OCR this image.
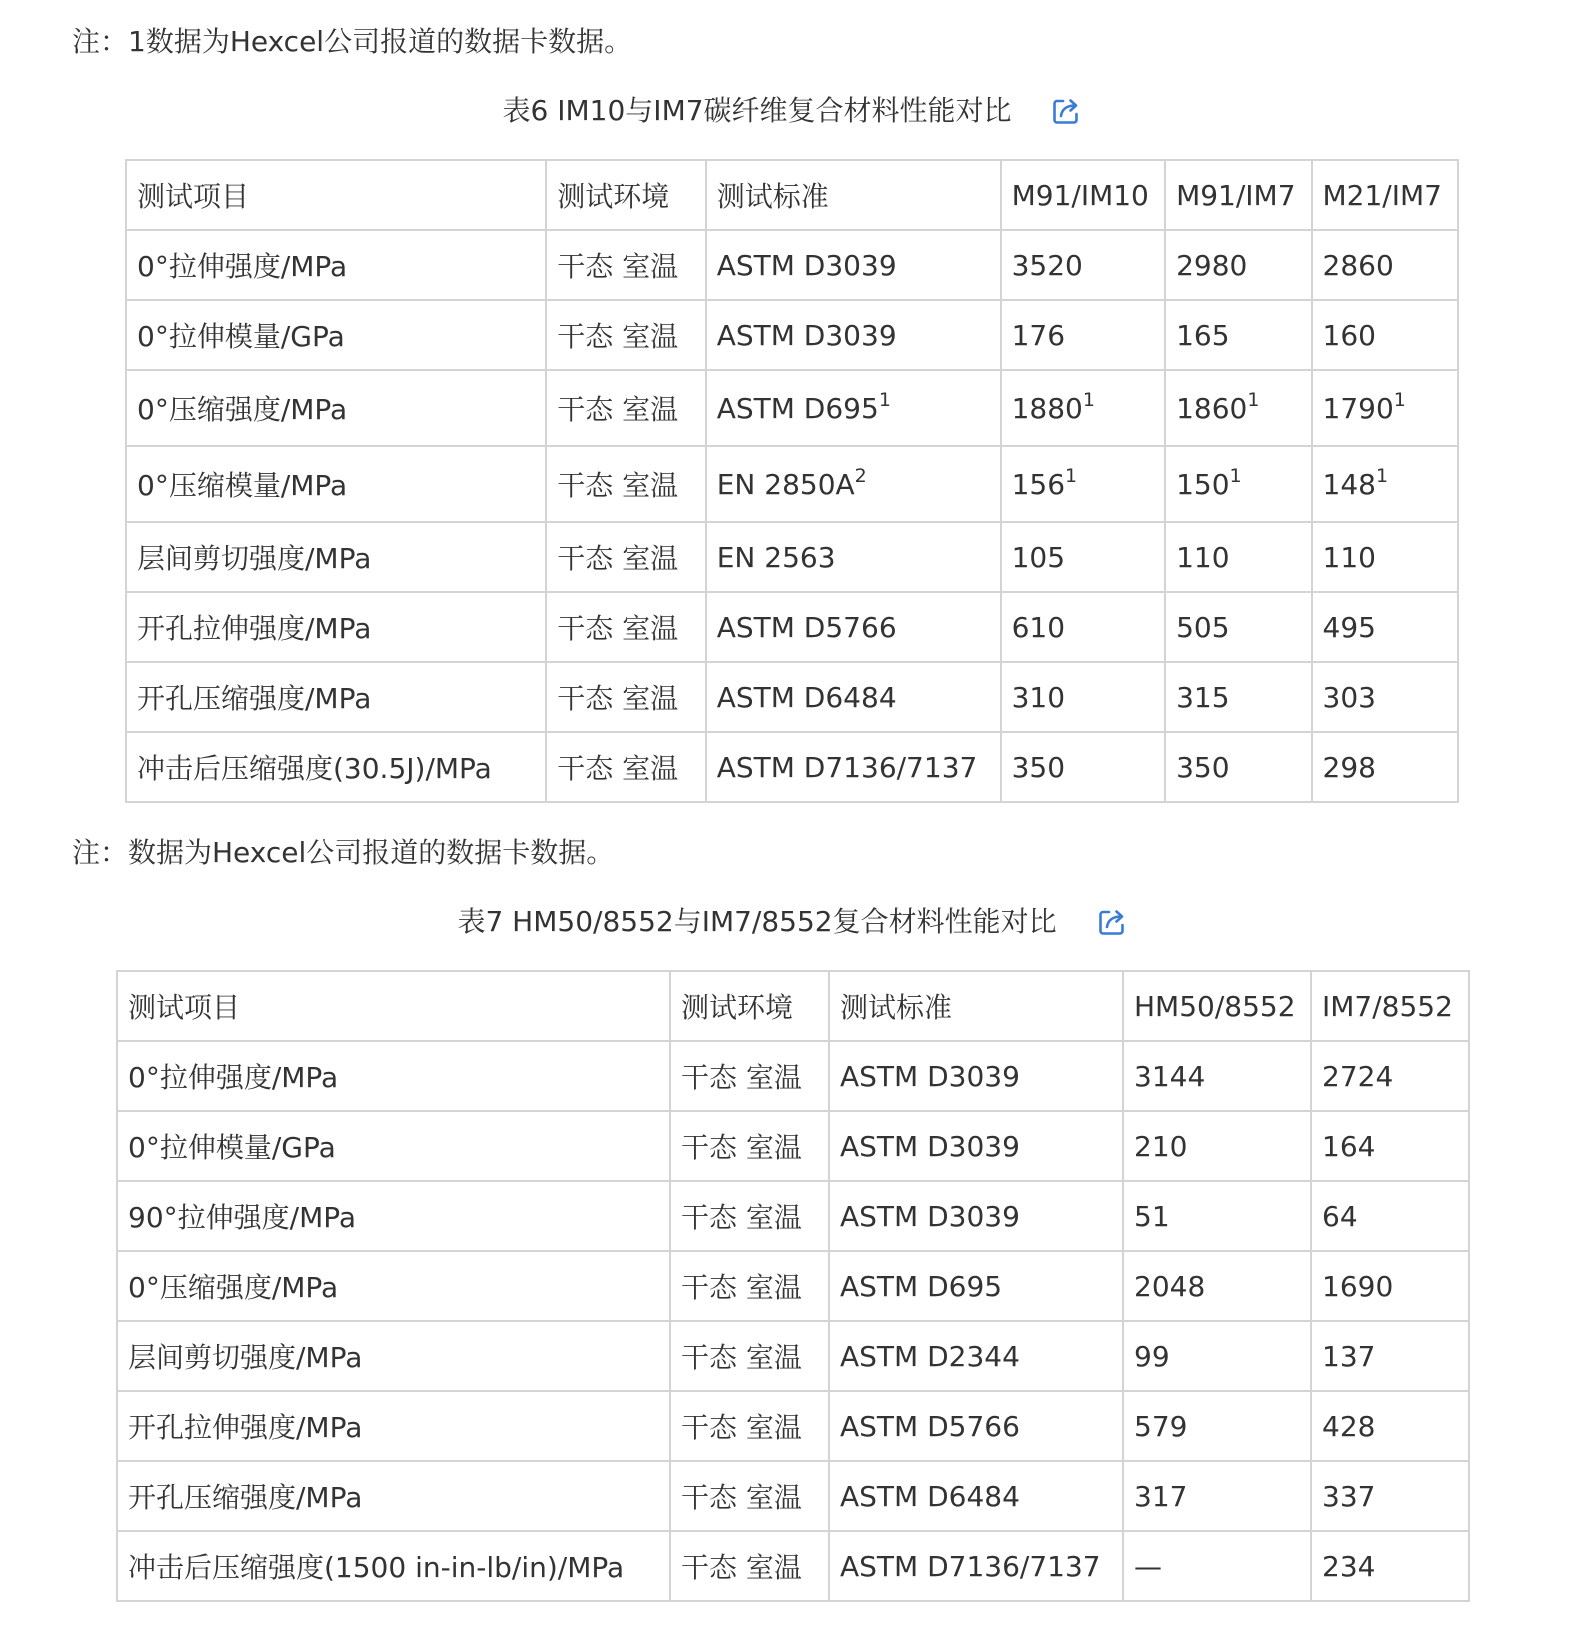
注：1数据为Hexcel公司报道的数据卡数据。
表6 IM10与IM7碳纤维复合材料性能对比
测试项目	测试环境	测试标准	M91/IM10	M91/IM7	M21/IM7
0°拉伸强度/MPa	干态 室温	ASTM D3039	3520	2980	2860
0°拉伸模量/GPa	干态 室温	ASTM D3039	176	165	160
0°压缩强度/MPa	干态 室温	ASTM $D695^1$	1880$^1$	1860$^1$	1790$^1$
0°压缩模量/MPa	干态 室温	EN $2850A^2$	$156^1$	$150^1$	$148^1$
层间剪切强度/MPa	干态 室温	EN 2563	105	110	110
开孔拉伸强度/MPa	干态 室温	ASTM D5766	610	505	495
开孔压缩强度/MPa	干态 室温	ASTM D6484	310	315	303
冲击后压缩强度(30.5J)/MPa	干态 室温	ASTM D7136/7137	350	350	298
注：数据为Hexcel公司报道的数据卡数据。
表7 HM50/8552与IM7/8552复合材料性能对比
测试项目	测试环境	测试标准	HM50/8552	IM7/8552
0°拉伸强度/MPa	干态 室温	ASTM D3039	3144	2724
0°拉伸模量/GPa	干态 室温	ASTM D3039	210	164
90°拉伸强度/MPa	干态 室温	ASTM D3039	51	64
0°压缩强度/MPa	干态 室温	ASTM D695	2048	1690
层间剪切强度/MPa	干态 室温	ASTM D2344	99	137
开孔拉伸强度/MPa	干态 室温	ASTM D5766	579	428
开孔压缩强度/MPa	干态 室温	ASTM D6484	317	337
冲击后压缩强度(1500 in-in-lb/in)/MPa	干态 室温	ASTM D7136/7137	—	234
